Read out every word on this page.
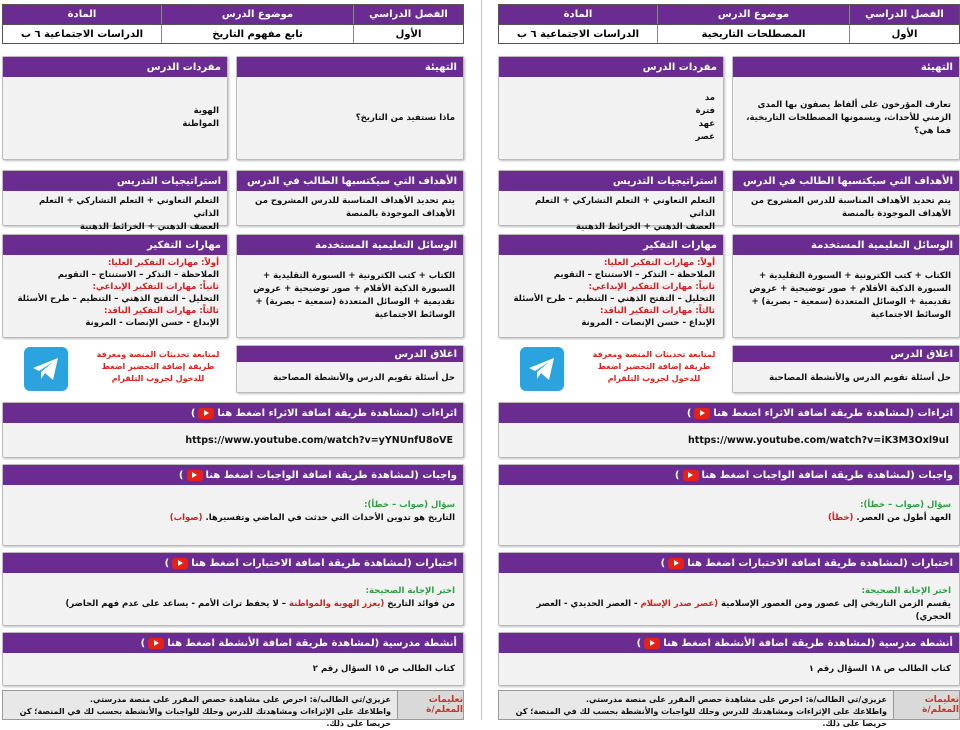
الفصل الدراسي
موضوع الدرس
المادة
الأول
المصطلحات التاريخية
الدراسات الاجتماعية ٦ ب
التهيئة
تعارف المؤرخون على ألفاظ يصفون بها المدى الزمني للأحداث، ويسمونها المصطلحات التاريخية، فما هي؟
مفردات الدرس
مد
فترة
عهد
عصر
الأهداف التي سيكتسبها الطالب في الدرس
يتم تحديد الأهداف المناسبة للدرس المشروح من الأهداف الموجودة بالمنصة
استراتيجيات التدريس
التعلم التعاوني + التعلم التشاركي + التعلم الذاتي
العصف الذهني + الخرائط الذهنية
الوسائل التعليمية المستخدمة
الكتاب + كتب الكترونية + السبورة التقليدية + السبورة الذكية الأقلام + صور توضيحية + عروض تقديمية + الوسائل المتعددة (سمعية – بصرية) + الوسائط الاجتماعية
مهارات التفكير
أولاً: مهارات التفكير العليا:
الملاحظة – التذكر – الاستنتاج – التقويم
ثانياً: مهارات التفكير الإبداعي:
التحليل – التفتح الذهني – التنظيم – طرح الأسئلة
ثالثاً: مهارات التفكير الناقد:
الإبداع - حسن الإنصات - المرونة
اغلاق الدرس
حل أسئلة تقويم الدرس والأنشطة المصاحبة
لمتابعة تحديثات المنصة ومعرفة طريقة إضافة التحضير اضغط للدخول لجروب التلقرام
اثراءات (لمشاهدة طريقة اضافة الاثراء اضغط هنا
)
https://www.youtube.com/watch?v=iK3M3Oxl9uI
واجبات (لمشاهدة طريقة اضافة الواجبات اضغط هنا
)
سؤال (صواب – خطأ):
العهد أطول من العصر. (خطأ)
اختبارات (لمشاهدة طريقة اضافة الاختبارات اضغط هنا
)
اختر الإجابة الصحيحة:
يقسم الزمن التاريخي إلى عصور ومن العصور الإسلامية (عصر صدر الإسلام - العصر الحديدي - العصر الحجري)
أنشطة مدرسية (لمشاهدة طريقة اضافة الأنشطة اضغط هنا
)
كتاب الطالب ص ١٨ السؤال رقم ١
تعليمات المعلم/ة
عزيزي/تي الطالب/ة: احرص على مشاهدة حصص المقرر على منصة مدرستي.
واطلاعك على الإثراءات ومشاهدتك للدرس وحلك للواجبات والأنشطة بحسب لك في المنصة؛ كن حريصا على ذلك.
الفصل الدراسي
موضوع الدرس
المادة
الأول
تابع مفهوم التاريخ
الدراسات الاجتماعية ٦ ب
التهيئة
ماذا نستفيد من التاريخ؟
مفردات الدرس
الهوية
المواطنة
الأهداف التي سيكتسبها الطالب في الدرس
يتم تحديد الأهداف المناسبة للدرس المشروح من الأهداف الموجودة بالمنصة
استراتيجيات التدريس
التعلم التعاوني + التعلم التشاركي + التعلم الذاتي
العصف الذهني + الخرائط الذهنية
الوسائل التعليمية المستخدمة
الكتاب + كتب الكترونية + السبورة التقليدية + السبورة الذكية الأقلام + صور توضيحية + عروض تقديمية + الوسائل المتعددة (سمعية – بصرية) + الوسائط الاجتماعية
مهارات التفكير
أولاً: مهارات التفكير العليا:
الملاحظة – التذكر – الاستنتاج – التقويم
ثانياً: مهارات التفكير الإبداعي:
التحليل – التفتح الذهني – التنظيم – طرح الأسئلة
ثالثاً: مهارات التفكير الناقد:
الإبداع - حسن الإنصات - المرونة
اغلاق الدرس
حل أسئلة تقويم الدرس والأنشطة المصاحبة
لمتابعة تحديثات المنصة ومعرفة طريقة إضافة التحضير اضغط للدخول لجروب التلقرام
اثراءات (لمشاهدة طريقة اضافة الاثراء اضغط هنا
)
https://www.youtube.com/watch?v=yYNUnfU8oVE
واجبات (لمشاهدة طريقة اضافة الواجبات اضغط هنا
)
سؤال (صواب – خطأ):
التاريخ هو تدوين الأحداث التي حدثت في الماضي وتفسيرها. (صواب)
اختبارات (لمشاهدة طريقة اضافة الاختبارات اضغط هنا
)
اختر الإجابة الصحيحة:
من فوائد التاريخ (يعزز الهوية والمواطنة – لا يحفظ تراث الأمم - يساعد على عدم فهم الحاضر)
أنشطة مدرسية (لمشاهدة طريقة اضافة الأنشطة اضغط هنا
)
كتاب الطالب ص ١٥ السؤال رقم ٢
تعليمات المعلم/ة
عزيزي/تي الطالب/ة: احرص على مشاهدة حصص المقرر على منصة مدرستي.
واطلاعك على الإثراءات ومشاهدتك للدرس وحلك للواجبات والأنشطة بحسب لك في المنصة؛ كن حريصا على ذلك.
